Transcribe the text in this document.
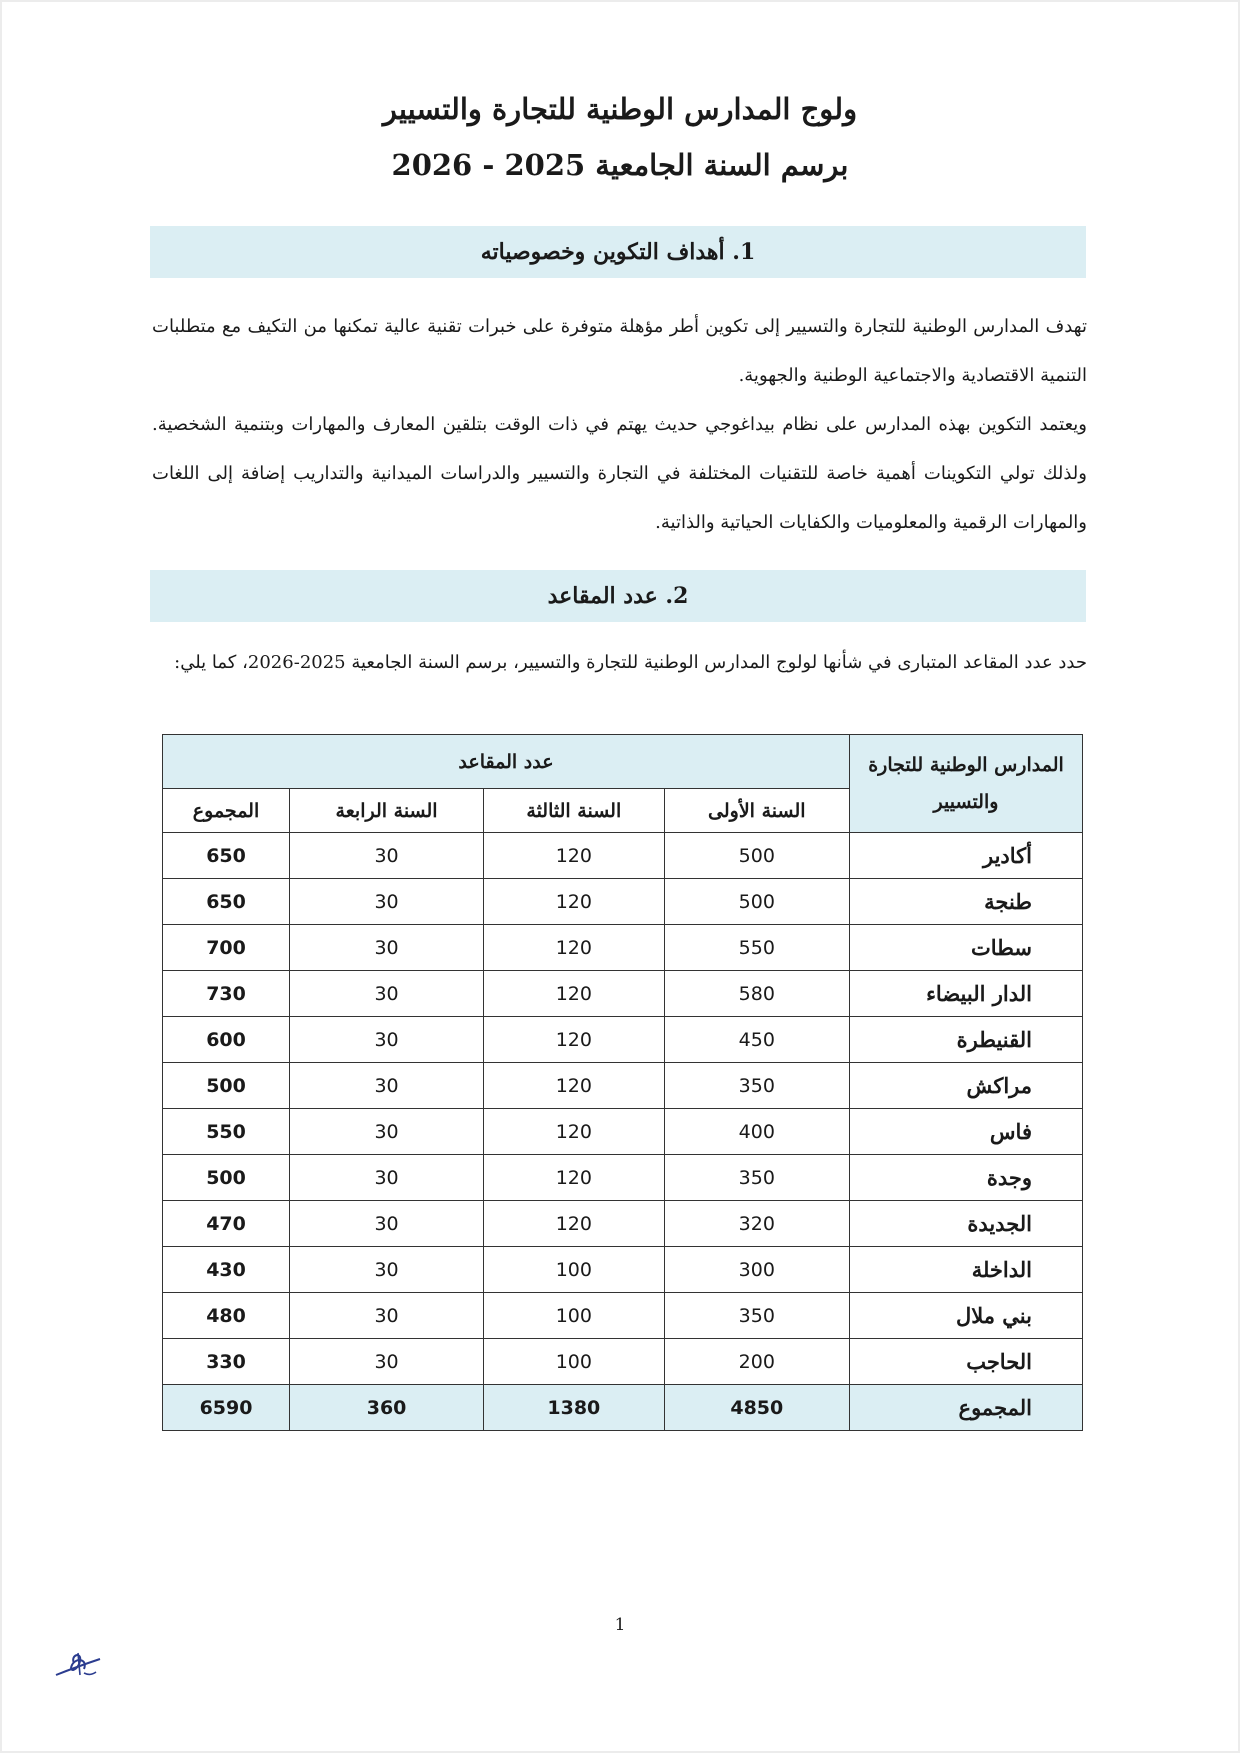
ولوج المدارس الوطنية للتجارة والتسيير
برسم السنة الجامعية 2025 - 2026
1. أهداف التكوين وخصوصياته

تهدف المدارس الوطنية للتجارة والتسيير إلى تكوين أطر مؤهلة متوفرة على خبرات تقنية عالية تمكنها من التكيف مع متطلبات التنمية الاقتصادية والاجتماعية الوطنية والجهوية.

ويعتمد التكوين بهذه المدارس على نظام بيداغوجي حديث يهتم في ذات الوقت بتلقين المعارف والمهارات وبتنمية الشخصية. ولذلك تولي التكوينات أهمية خاصة للتقنيات المختلفة في التجارة والتسيير والدراسات الميدانية والتداريب إضافة إلى اللغات والمهارات الرقمية والمعلوميات والكفايات الحياتية والذاتية.

2. عدد المقاعد

حدد عدد المقاعد المتبارى في شأنها لولوج المدارس الوطنية للتجارة والتسيير، برسم السنة الجامعية 2025-2026، كما يلي:

المدارس الوطنية للتجارة والتسيير	عدد المقاعد			
	السنة الأولى	السنة الثالثة	السنة الرابعة	المجموع
أكادير	500	120	30	650
طنجة	500	120	30	650
سطات	550	120	30	700
الدار البيضاء	580	120	30	730
القنيطرة	450	120	30	600
مراكش	350	120	30	500
فاس	400	120	30	550
وجدة	350	120	30	500
الجديدة	320	120	30	470
الداخلة	300	100	30	430
بني ملال	350	100	30	480
الحاجب	200	100	30	330
المجموع	4850	1380	360	6590
1
